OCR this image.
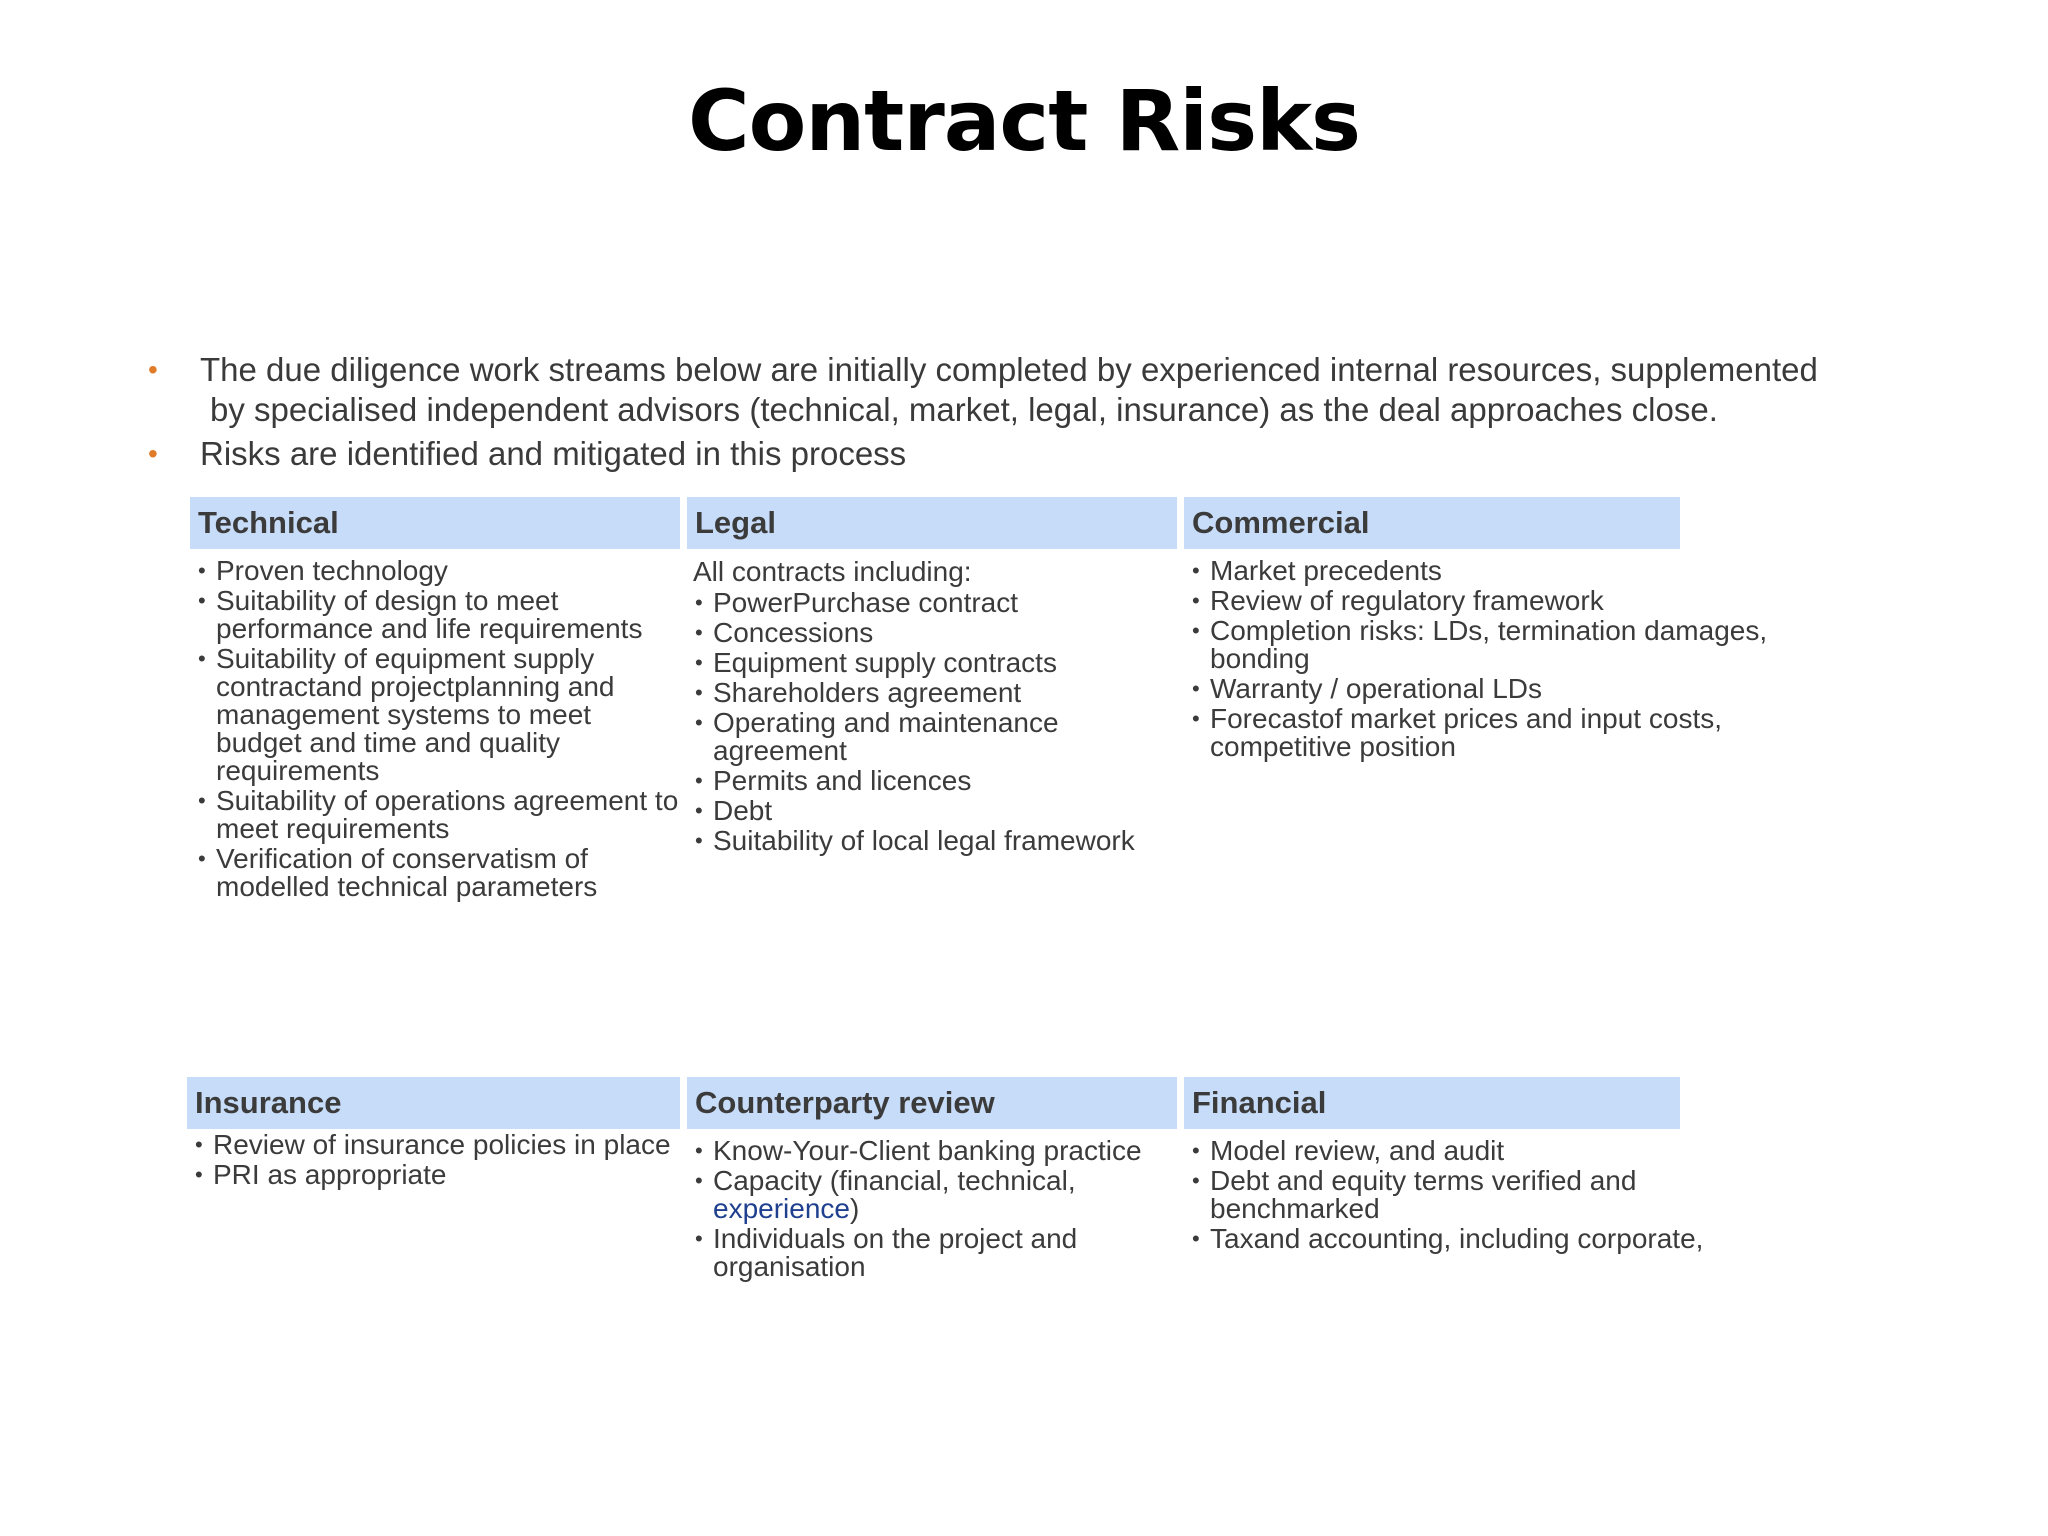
Contract Risks
• The due diligence work streams below are initially completed by experienced internal resources, supplemented
by specialised independent advisors (technical, market, legal, insurance) as the deal approaches close.
• Risks are identified and mitigated in this process
Technical
• Proven technology
• Suitability of design to meet performance and life requirements
• Suitability of equipment supply contractand projectplanning and management systems to meet budget and time and quality requirements
• Suitability of operations agreement to meet requirements
• Verification of conservatism of modelled technical parameters
Legal
All contracts including:
• PowerPurchase contract
• Concessions
• Equipment supply contracts
• Shareholders agreement
• Operating and maintenance agreement
• Permits and licences
• Debt
• Suitability of local legal framework
Commercial
• Market precedents
• Review of regulatory framework
• Completion risks: LDs, termination damages, bonding
• Warranty / operational LDs
• Forecastof market prices and input costs, competitive position
Insurance
• Review of insurance policies in place
• PRI as appropriate
Counterparty review
• Know-Your-Client banking practice
• Capacity (financial, technical,
experience)
• Individuals on the project and organisation
Financial
• Model review, and audit
• Debt and equity terms verified and benchmarked
• Taxand accounting, including corporate,
